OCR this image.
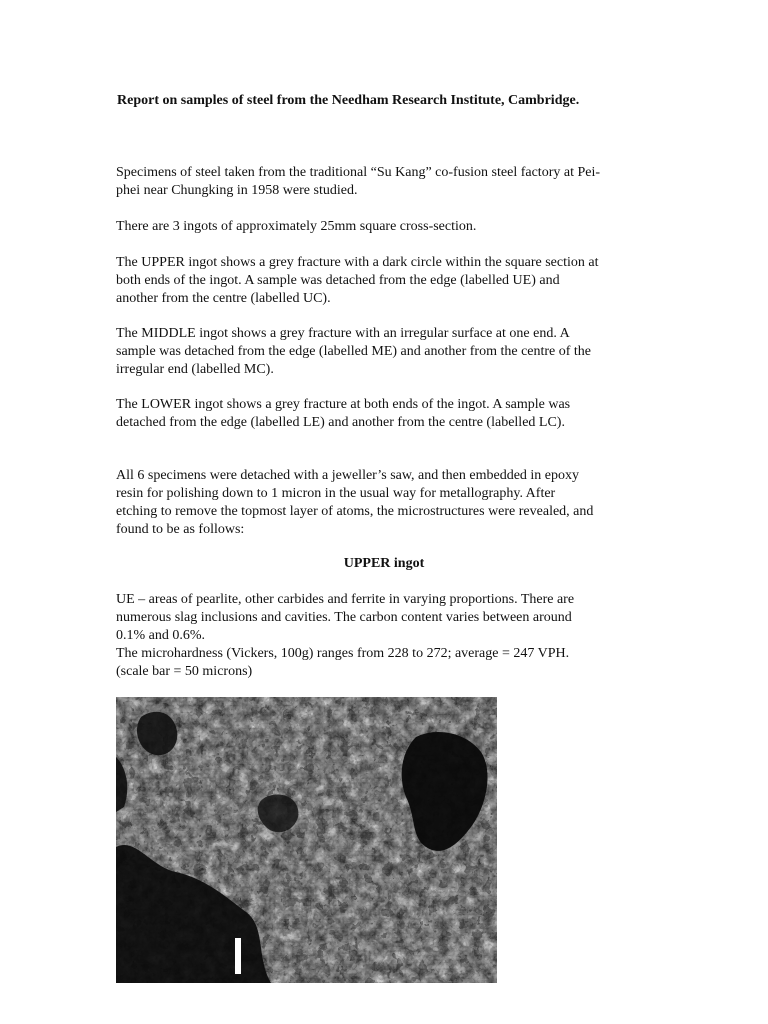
Report on samples of steel from the Needham Research Institute, Cambridge.
Specimens of steel taken from the traditional “Su Kang” co-fusion steel factory at Pei-
phei near Chungking in 1958 were studied.
There are 3 ingots of approximately 25mm square cross-section.
The UPPER ingot shows a grey fracture with a dark circle within the square section at
both ends of the ingot. A sample was detached from the edge (labelled UE) and
another from the centre (labelled UC).
The MIDDLE ingot shows a grey fracture with an irregular surface at one end. A
sample was detached from the edge (labelled ME) and another from the centre of the
irregular end (labelled MC).
The LOWER ingot shows a grey fracture at both ends of the ingot. A sample was
detached from the edge (labelled LE) and another from the centre (labelled LC).
All 6 specimens were detached with a jeweller’s saw, and then embedded in epoxy
resin for polishing down to 1 micron in the usual way for metallography. After
etching to remove the topmost layer of atoms, the microstructures were revealed, and
found to be as follows:
UPPER ingot
UE – areas of pearlite, other carbides and ferrite in varying proportions. There are
numerous slag inclusions and cavities. The carbon content varies between around
0.1% and 0.6%.
The microhardness (Vickers, 100g) ranges from 228 to 272; average = 247 VPH.
(scale bar = 50 microns)
